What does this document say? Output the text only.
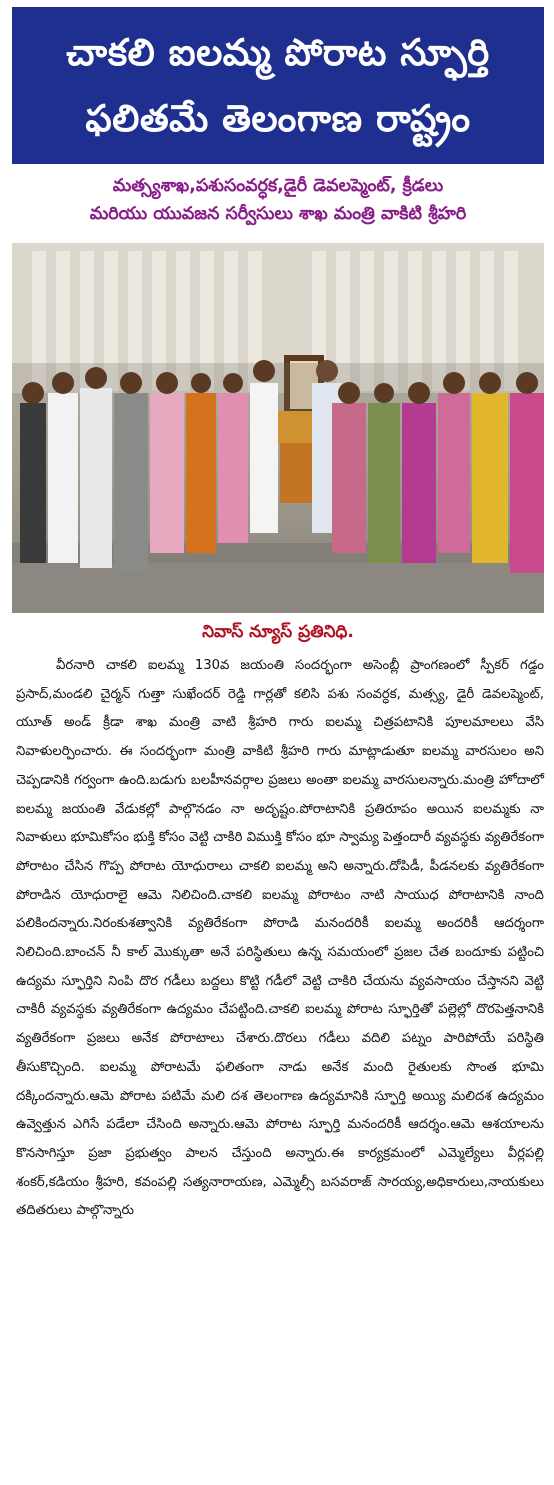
చాకలి ఐలమ్మ పోరాట స్ఫూర్తి
ఫలితమే తెలంగాణ రాష్ట్రం
మత్స్యశాఖ,పశుసంవర్ధక,డైరీ డెవలప్మెంట్, క్రీడలు
మరియు యువజన సర్వీసులు శాఖ మంత్రి వాకిటి శ్రీహరి
నివాస్ న్యూస్ ప్రతినిధి.

వీరనారి చాకలి ఐలమ్మ 130వ జయంతి సందర్భంగా అసెంబ్లీ ప్రాంగణంలో స్పీకర్ గడ్డం ప్రసాద్,మండలి చైర్మన్ గుత్తా సుఖేందర్ రెడ్డి గార్లతో కలిసి పశు సంవర్ధక, మత్స్య, డైరీ డెవలప్మెంట్, యూత్ అండ్ క్రీడా శాఖ మంత్రి వాటి శ్రీహరి గారు ఐలమ్మ చిత్రపటానికి పూలమాలలు వేసి నివాళులర్పించారు. ఈ సందర్భంగా మంత్రి వాకిటి శ్రీహరి గారు మాట్లాడుతూ ఐలమ్మ వారసులం అని చెప్పడానికి గర్వంగా ఉంది.బడుగు బలహీనవర్గాల ప్రజలు అంతా ఐలమ్మ వారసులన్నారు.మంత్రి హోదాలో ఐలమ్మ జయంతి వేడుకల్లో పాల్గొనడం నా అదృష్టం.పోరాటానికి ప్రతిరూపం అయిన ఐలమ్మకు నా నివాళులు భూమికోసం భుక్తి కోసం వెట్టి చాకిరి విముక్తి కోసం భూ స్వామ్య పెత్తందారీ వ్యవస్థకు వ్యతిరేకంగా పోరాటం చేసిన గొప్ప పోరాట యోధురాలు చాకలి ఐలమ్మ అని అన్నారు.దోపిడీ, పీడనలకు వ్యతిరేకంగా పోరాడిన యోధురాలై ఆమె నిలిచింది.చాకలి ఐలమ్మ పోరాటం నాటి సాయుధ పోరాటానికి నాంది పలికిందన్నారు.నిరంకుశత్వానికి వ్యతిరేకంగా పోరాడి మనందరికీ ఐలమ్మ అందరికీ ఆదర్శంగా నిలిచింది.బాంచన్ నీ కాల్ మొక్కుతా అనే పరిస్థితులు ఉన్న సమయంలో ప్రజల చేత బందూకు పట్టించి ఉద్యమ స్ఫూర్తిని నింపి దొర గడీలు బద్దలు కొట్టి గడీలో వెట్టి చాకిరి చేయను వ్యవసాయం చేస్తానని వెట్టి చాకిరీ వ్యవస్థకు వ్యతిరేకంగా ఉద్యమం చేపట్టింది.చాకలి ఐలమ్మ పోరాట స్ఫూర్తితో పల్లెల్లో దొరపెత్తనానికి వ్యతిరేకంగా ప్రజలు అనేక పోరాటాలు చేశారు.దొరలు గడీలు వదిలి పట్నం పారిపోయే పరిస్థితి తీసుకొచ్చింది. ఐలమ్మ పోరాటమే ఫలితంగా నాడు అనేక మంది రైతులకు సొంత భూమి దక్కిందన్నారు.ఆమె పోరాట పటిమే మలి దశ తెలంగాణ ఉద్యమానికి స్ఫూర్తి అయ్యి మలిదశ ఉద్యమం ఉవ్వెత్తున ఎగిసే పడేలా చేసింది అన్నారు.ఆమె పోరాట స్ఫూర్తి మనందరికీ ఆదర్శం.ఆమె ఆశయాలను కొనసాగిస్తూ ప్రజా ప్రభుత్వం పాలన చేస్తుంది అన్నారు.ఈ కార్యక్రమంలో ఎమ్మెల్యేలు వీర్లపల్లి శంకర్,కడియం శ్రీహరి, కవంపల్లి సత్యనారాయణ, ఎమ్మెల్సీ బసవరాజ్ సారయ్య,అధికారులు,నాయకులు తదితరులు పాల్గొన్నారు
